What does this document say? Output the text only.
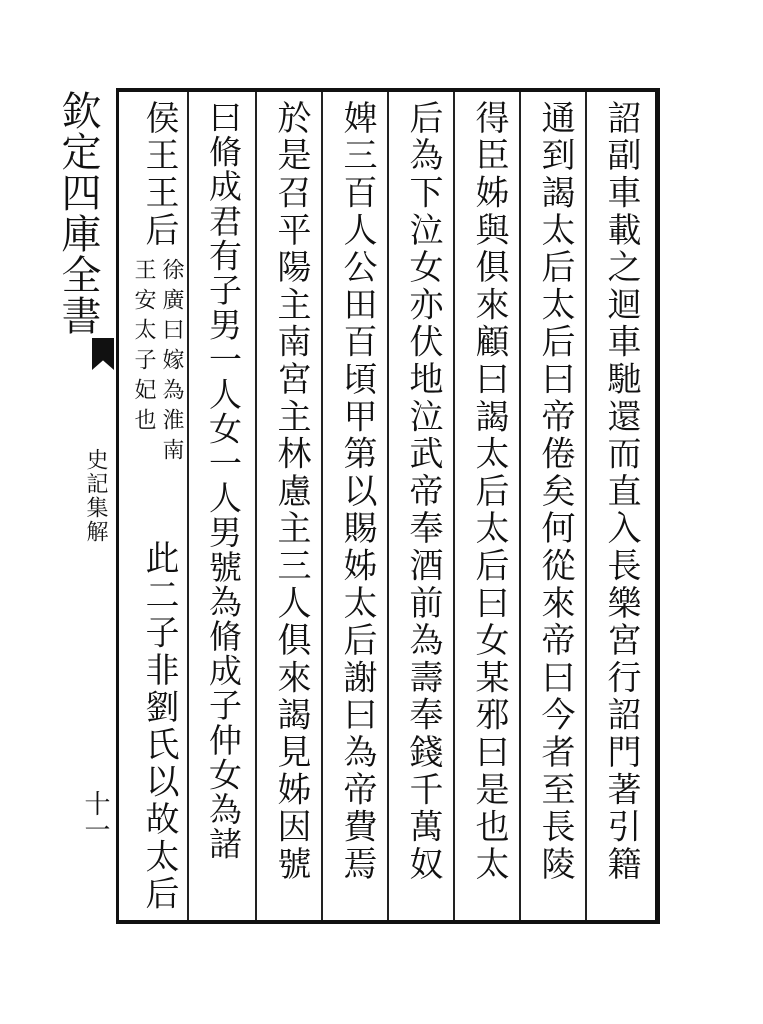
詔副車載之迴車馳還而直入長樂宮行詔門著引籍
通到謁太后太后曰帝倦矣何從來帝曰今者至長陵
得臣姊與俱來顧曰謁太后太后曰女某邪曰是也太
后為下泣女亦伏地泣武帝奉酒前為壽奉錢千萬奴
婢三百人公田百頃甲第以賜姊太后謝曰為帝費焉
於是召平陽主南宮主林慮主三人俱來謁見姊因號
曰脩成君有子男一人女一人男號為脩成子仲女為諸
侯王王后
徐廣曰嫁為淮南
王安太子妃也
此二子非劉氏以故太后
欽定四庫全書
史記集解
十一
